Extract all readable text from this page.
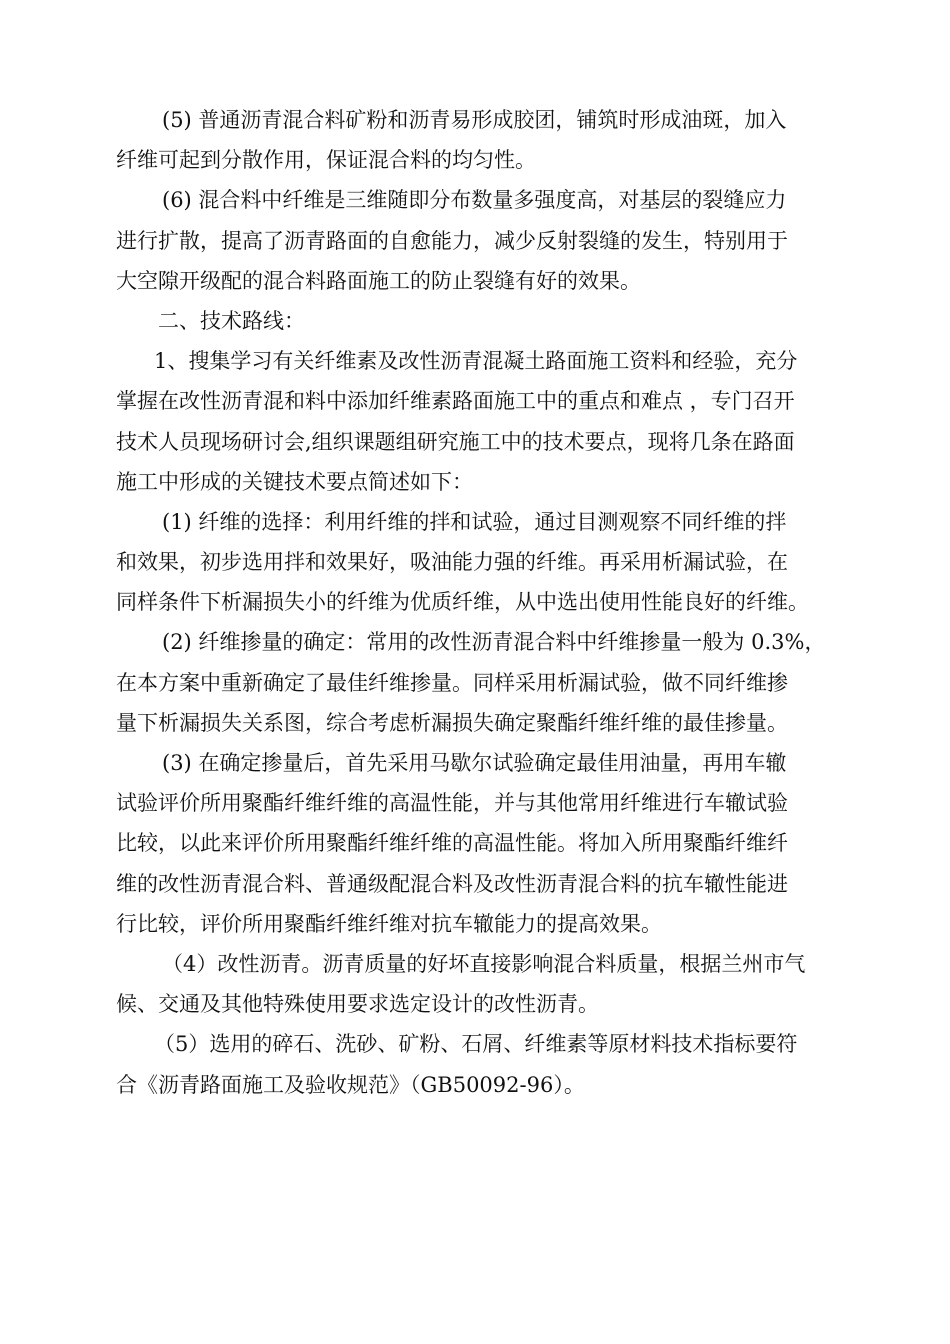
(5) 普通沥青混合料矿粉和沥青易形成胶团，铺筑时形成油斑，加入
纤维可起到分散作用，保证混合料的均匀性。
(6) 混合料中纤维是三维随即分布数量多强度高，对基层的裂缝应力
进行扩散，提高了沥青路面的自愈能力，减少反射裂缝的发生，特别用于
大空隙开级配的混合料路面施工的防止裂缝有好的效果。
二、技术路线：
1、搜集学习有关纤维素及改性沥青混凝土路面施工资料和经验，充分
掌握在改性沥青混和料中添加纤维素路面施工中的重点和难点 ，专门召开
技术人员现场研讨会,组织课题组研究施工中的技术要点，现将几条在路面
施工中形成的关键技术要点简述如下：
(1) 纤维的选择：利用纤维的拌和试验，通过目测观察不同纤维的拌
和效果，初步选用拌和效果好，吸油能力强的纤维。再采用析漏试验，在
同样条件下析漏损失小的纤维为优质纤维，从中选出使用性能良好的纤维。
(2) 纤维掺量的确定：常用的改性沥青混合料中纤维掺量一般为 0.3%，
在本方案中重新确定了最佳纤维掺量。同样采用析漏试验，做不同纤维掺
量下析漏损失关系图，综合考虑析漏损失确定聚酯纤维纤维的最佳掺量。
(3) 在确定掺量后，首先采用马歇尔试验确定最佳用油量，再用车辙
试验评价所用聚酯纤维纤维的高温性能，并与其他常用纤维进行车辙试验
比较，以此来评价所用聚酯纤维纤维的高温性能。将加入所用聚酯纤维纤
维的改性沥青混合料、普通级配混合料及改性沥青混合料的抗车辙性能进
行比较，评价所用聚酯纤维纤维对抗车辙能力的提高效果。
（4）改性沥青。沥青质量的好坏直接影响混合料质量，根据兰州市气
候、交通及其他特殊使用要求选定设计的改性沥青。
（5）选用的碎石、洗砂、矿粉、石屑、纤维素等原材料技术指标要符
合《沥青路面施工及验收规范》（GB50092-96）。
